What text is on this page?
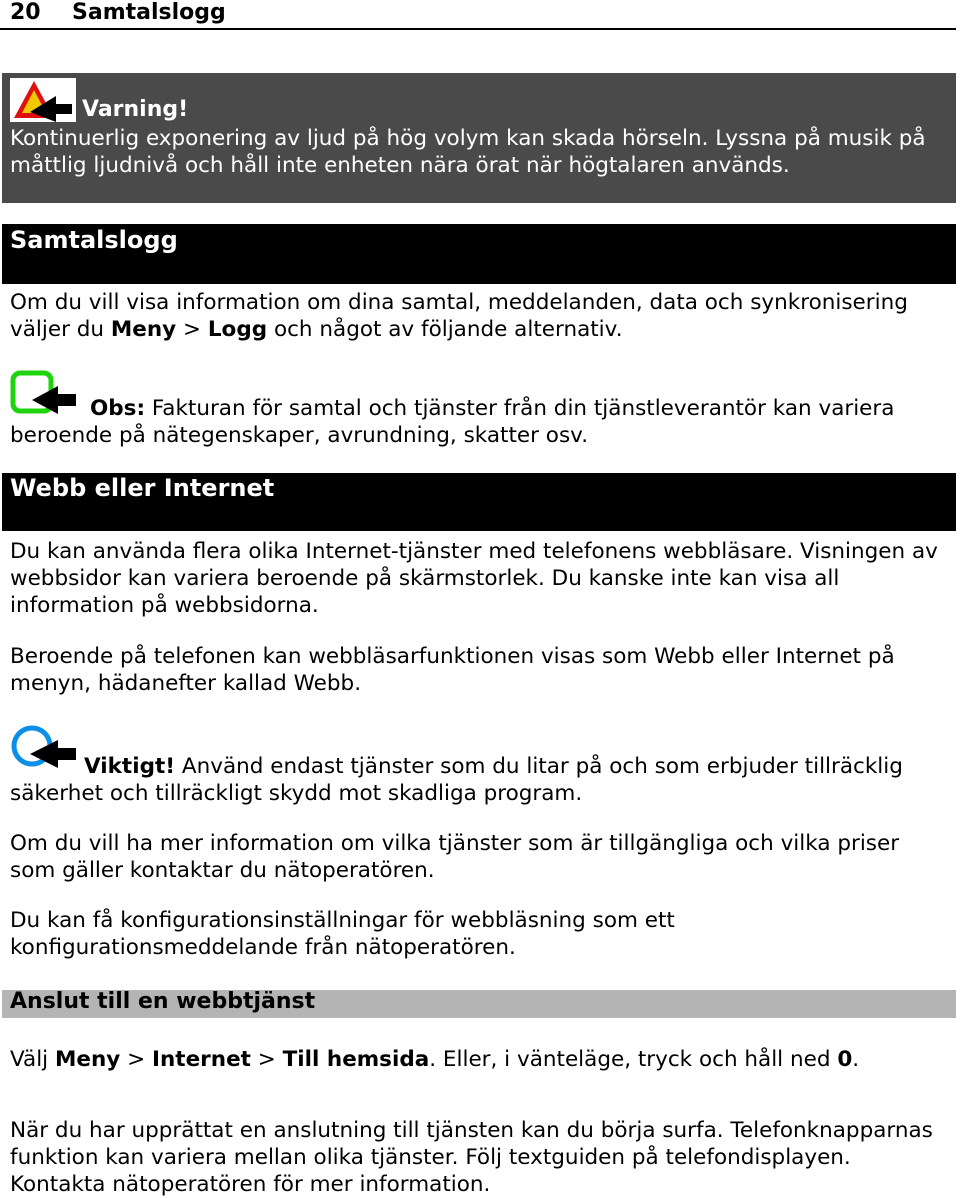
20 Samtalslogg
Varning!
Kontinuerlig exponering av ljud på hög volym kan skada hörseln. Lyssna på musik på måttlig ljudnivå och håll inte enheten nära örat när högtalaren används.
Samtalslogg
Om du vill visa information om dina samtal, meddelanden, data och synkronisering väljer du Meny > Logg och något av följande alternativ.
Obs: Fakturan för samtal och tjänster från din tjänstleverantör kan variera beroende på nätegenskaper, avrundning, skatter osv.
Webb eller Internet
Du kan använda flera olika Internet-tjänster med telefonens webbläsare. Visningen av webbsidor kan variera beroende på skärmstorlek. Du kanske inte kan visa all information på webbsidorna.
Beroende på telefonen kan webbläsarfunktionen visas som Webb eller Internet på menyn, hädanefter kallad Webb.
Viktigt! Använd endast tjänster som du litar på och som erbjuder tillräcklig säkerhet och tillräckligt skydd mot skadliga program.
Om du vill ha mer information om vilka tjänster som är tillgängliga och vilka priser som gäller kontaktar du nätoperatören.
Du kan få konfigurationsinställningar för webbläsning som ett konfigurationsmeddelande från nätoperatören.
Anslut till en webbtjänst
Välj Meny > Internet > Till hemsida. Eller, i vänteläge, tryck och håll ned 0.
När du har upprättat en anslutning till tjänsten kan du börja surfa. Telefonknapparnas funktion kan variera mellan olika tjänster. Följ textguiden på telefondisplayen. Kontakta nätoperatören för mer information.
